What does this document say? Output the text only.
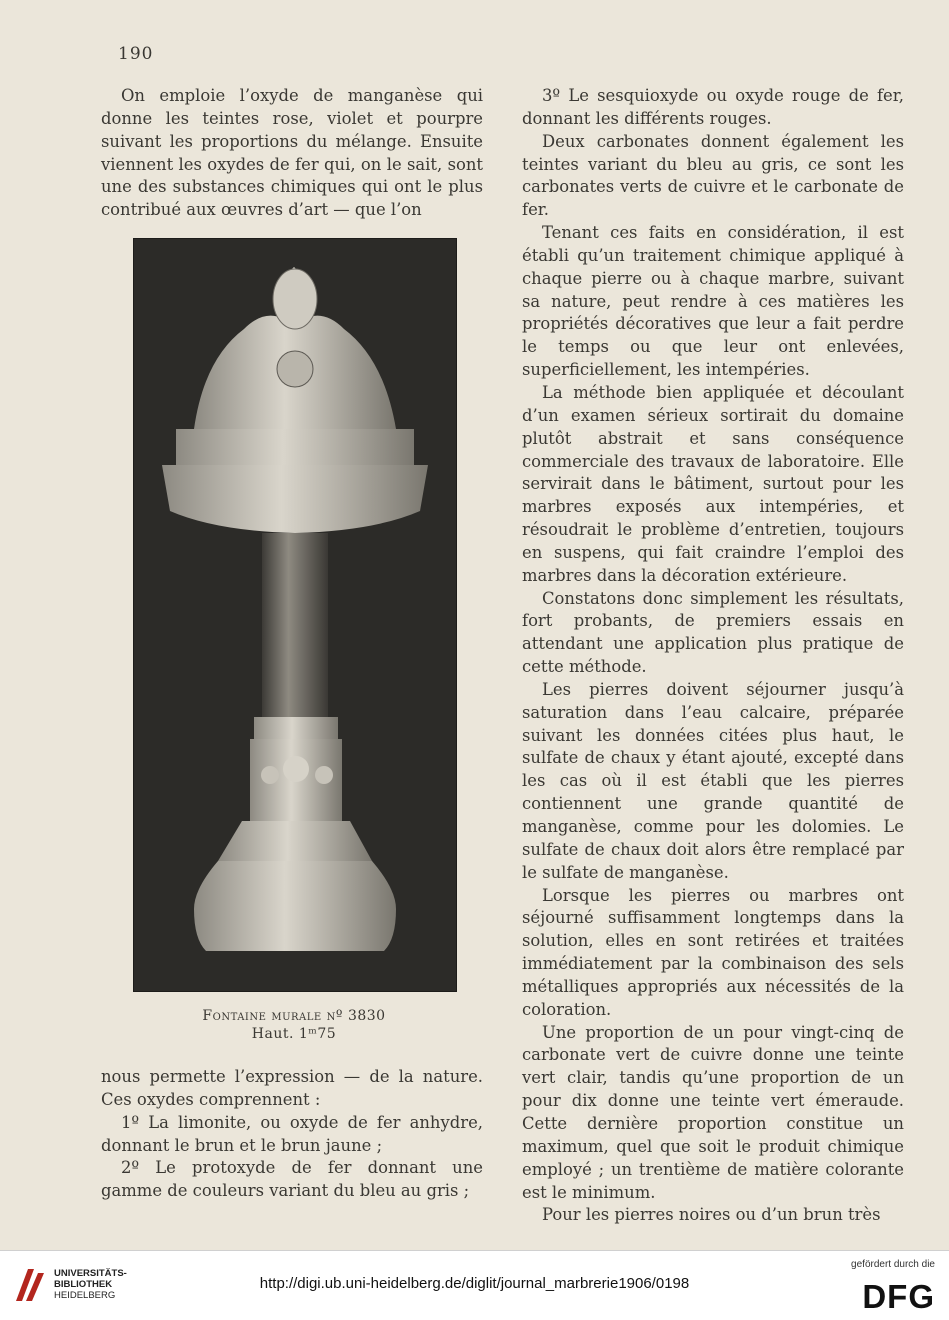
190

On emploie l’oxyde de manganèse qui donne les teintes rose, violet et pourpre suivant les proportions du mélange. Ensuite viennent les oxydes de fer qui, on le sait, sont une des substances chimiques qui ont le plus contribué aux œuvres d’art — que l’on

Fontaine murale nº 3830
Haut. 1ᵐ75

nous permette l’expression — de la nature. Ces oxydes comprennent :

1º La limonite, ou oxyde de fer anhydre, donnant le brun et le brun jaune ;

2º Le protoxyde de fer donnant une gamme de couleurs variant du bleu au gris ;

3º Le sesquioxyde ou oxyde rouge de fer, donnant les différents rouges.

Deux carbonates donnent également les teintes variant du bleu au gris, ce sont les carbonates verts de cuivre et le carbonate de fer.

Tenant ces faits en considération, il est établi qu’un traitement chimique appliqué à chaque pierre ou à chaque marbre, suivant sa nature, peut rendre à ces matières les propriétés décoratives que leur a fait perdre le temps ou que leur ont enlevées, superficiellement, les intempéries.

La méthode bien appliquée et découlant d’un examen sérieux sortirait du domaine plutôt abstrait et sans conséquence commerciale des travaux de laboratoire. Elle servirait dans le bâtiment, surtout pour les marbres exposés aux intempéries, et résoudrait le problème d’entretien, toujours en suspens, qui fait craindre l’emploi des marbres dans la décoration extérieure.

Constatons donc simplement les résultats, fort probants, de premiers essais en attendant une application plus pratique de cette méthode.

Les pierres doivent séjourner jusqu’à saturation dans l’eau calcaire, préparée suivant les données citées plus haut, le sulfate de chaux y étant ajouté, excepté dans les cas où il est établi que les pierres contiennent une grande quantité de manganèse, comme pour les dolomies. Le sulfate de chaux doit alors être remplacé par le sulfate de manganèse.

Lorsque les pierres ou marbres ont séjourné suffisamment longtemps dans la solution, elles en sont retirées et traitées immédiatement par la combinaison des sels métalliques appropriés aux nécessités de la coloration.

Une proportion de un pour vingt-cinq de carbonate vert de cuivre donne une teinte vert clair, tandis qu’une proportion de un pour dix donne une teinte vert émeraude. Cette dernière proportion constitue un maximum, quel que soit le produit chimique employé ; un trentième de matière colorante est le minimum.

Pour les pierres noires ou d’un brun très

UNIVERSITÄTS-
BIBLIOTHEK
HEIDELBERG
http://digi.ub.uni-heidelberg.de/diglit/journal_marbrerie1906/0198
gefördert durch die
DFG
